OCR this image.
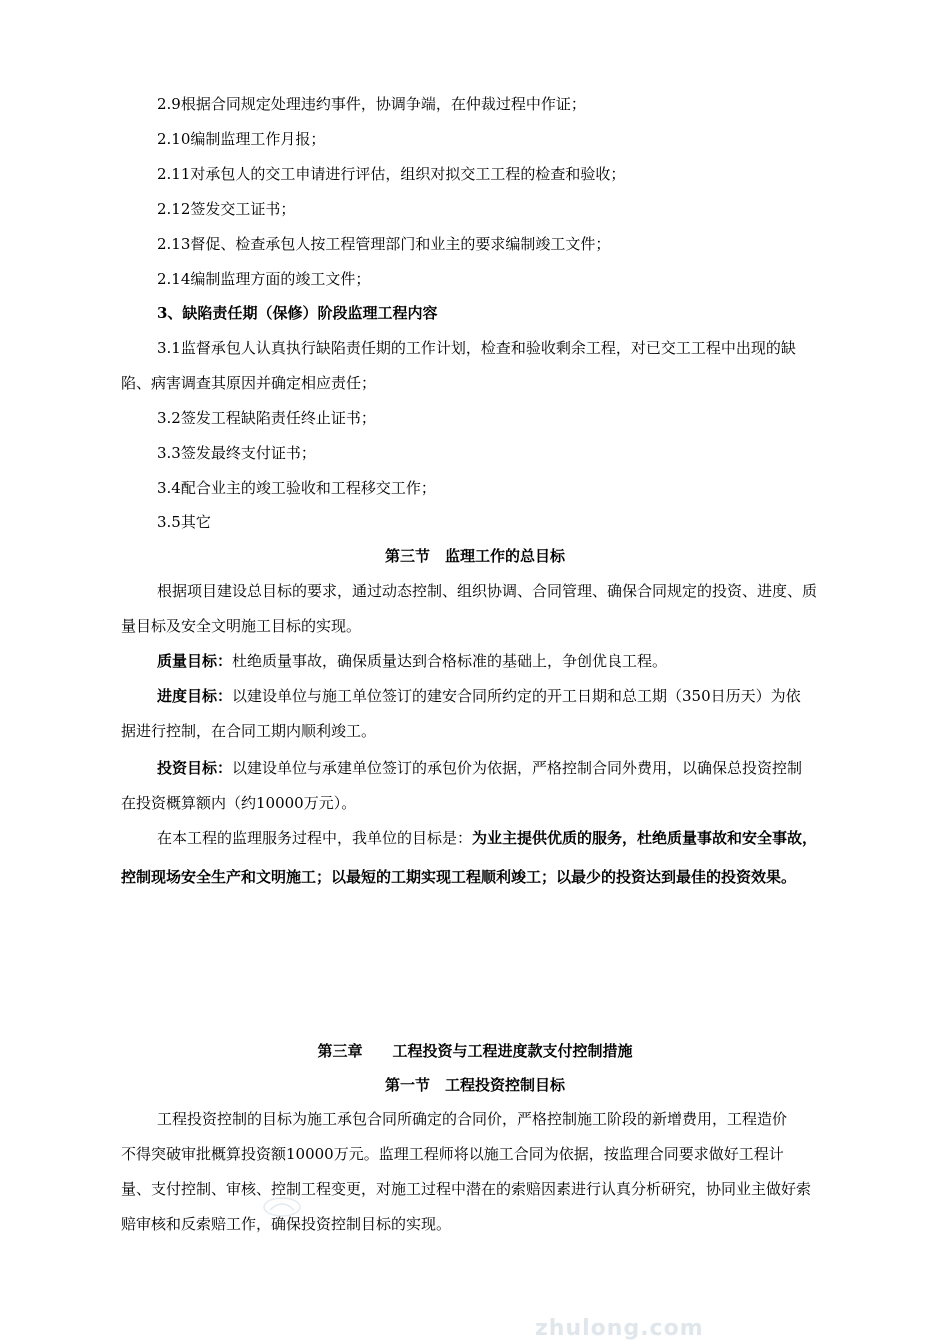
2.9根据合同规定处理违约事件，协调争端，在仲裁过程中作证；
2.10编制监理工作月报；
2.11对承包人的交工申请进行评估，组织对拟交工工程的检查和验收；
2.12签发交工证书；
2.13督促、检查承包人按工程管理部门和业主的要求编制竣工文件；
2.14编制监理方面的竣工文件；
3、缺陷责任期（保修）阶段监理工程内容
3.1监督承包人认真执行缺陷责任期的工作计划，检查和验收剩余工程，对已交工工程中出现的缺
陷、病害调查其原因并确定相应责任；
3.2签发工程缺陷责任终止证书；
3.3签发最终支付证书；
3.4配合业主的竣工验收和工程移交工作；
3.5其它
第三节　监理工作的总目标
根据项目建设总目标的要求，通过动态控制、组织协调、合同管理、确保合同规定的投资、进度、质
量目标及安全文明施工目标的实现。
质量目标：杜绝质量事故，确保质量达到合格标准的基础上，争创优良工程。
进度目标：以建设单位与施工单位签订的建安合同所约定的开工日期和总工期（350日历天）为依
据进行控制，在合同工期内顺利竣工。
投资目标：以建设单位与承建单位签订的承包价为依据，严格控制合同外费用，以确保总投资控制
在投资概算额内（约10000万元）。
在本工程的监理服务过程中，我单位的目标是：为业主提供优质的服务，杜绝质量事故和安全事故，
控制现场安全生产和文明施工；以最短的工期实现工程顺利竣工；以最少的投资达到最佳的投资效果。
第三章　　工程投资与工程进度款支付控制措施
第一节　工程投资控制目标
工程投资控制的目标为施工承包合同所确定的合同价，严格控制施工阶段的新增费用，工程造价
不得突破审批概算投资额10000万元。监理工程师将以施工合同为依据，按监理合同要求做好工程计
量、支付控制、审核、控制工程变更，对施工过程中潜在的索赔因素进行认真分析研究，协同业主做好索
赔审核和反索赔工作，确保投资控制目标的实现。
zhulong.com
